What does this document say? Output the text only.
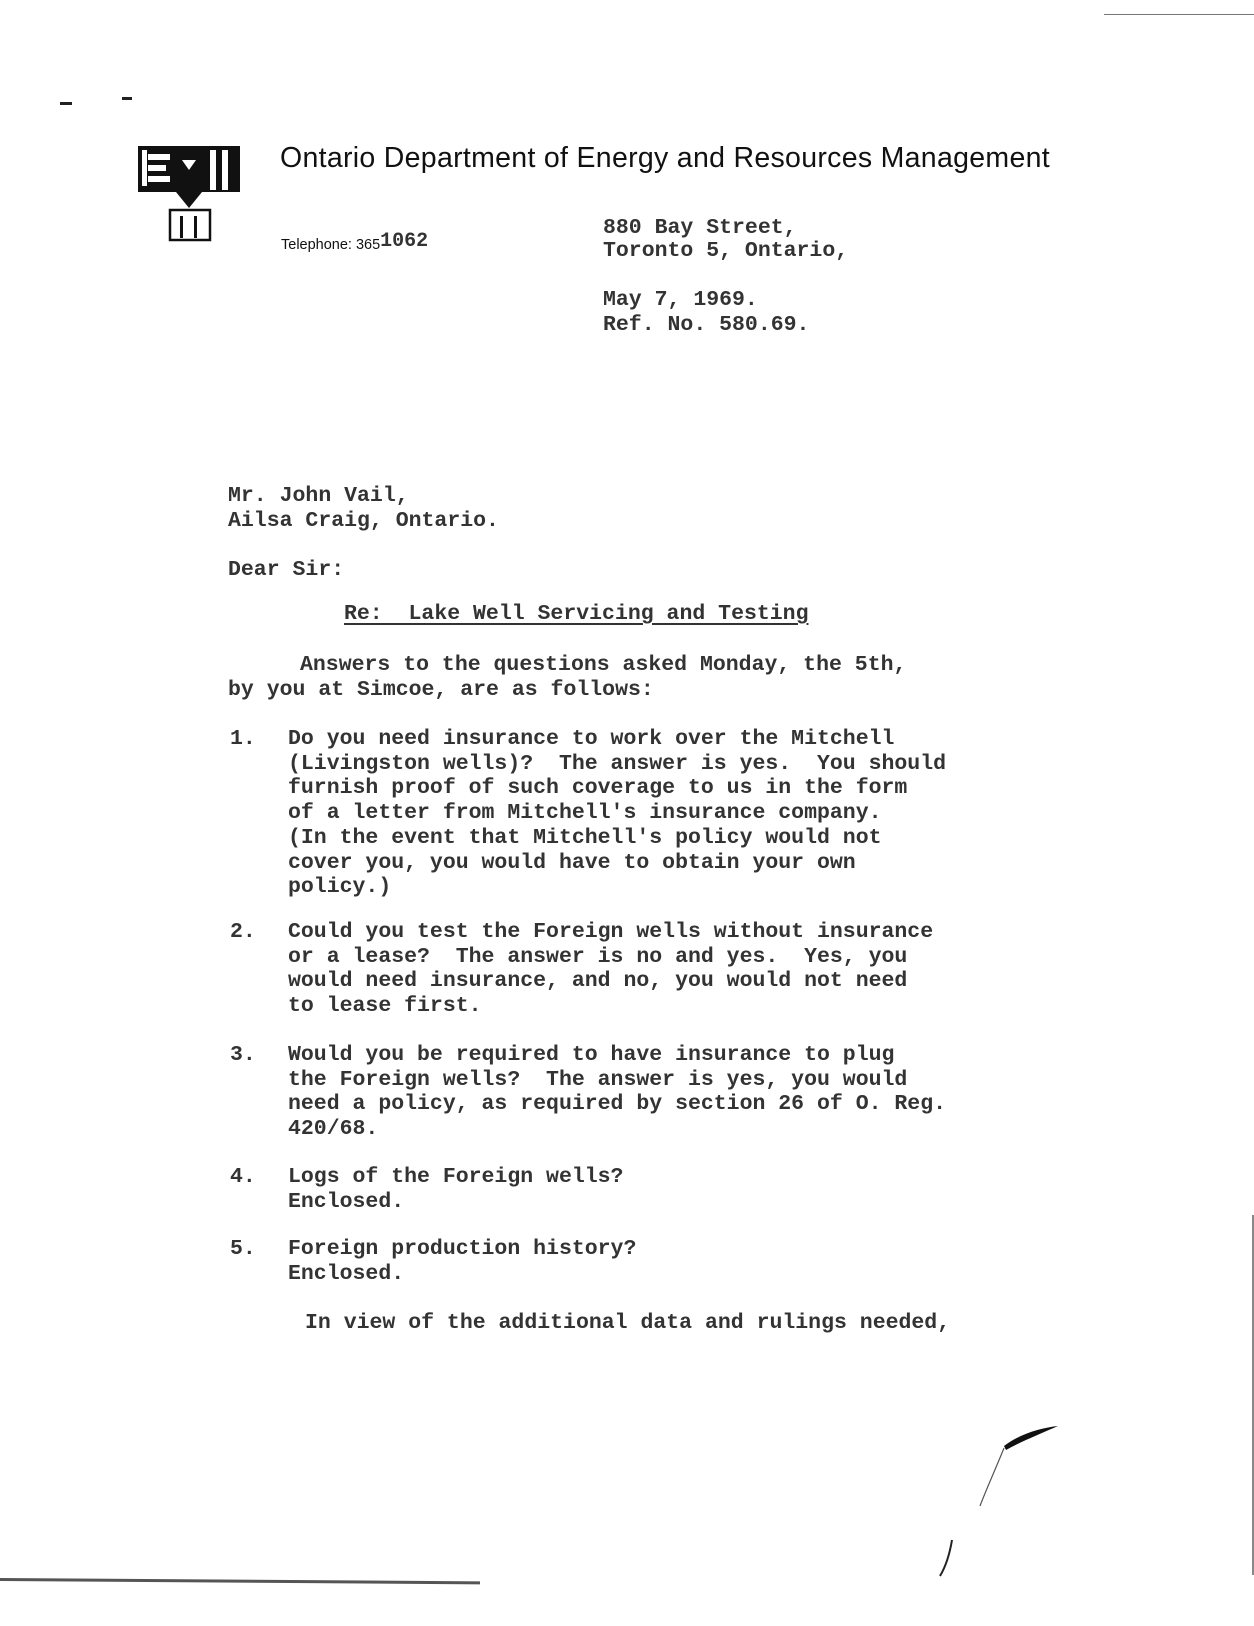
Ontario Department of Energy and Resources Management
Telephone: 3651062
880 Bay Street,
Toronto 5, Ontario,
May 7, 1969.
Ref. No. 580.69.
Mr. John Vail,
Ailsa Craig, Ontario.
Dear Sir:
Re:  Lake Well Servicing and Testing
Answers to the questions asked Monday, the 5th,
by you at Simcoe, are as follows:
1. Do you need insurance to work over the Mitchell
(Livingston wells)?  The answer is yes.  You should
furnish proof of such coverage to us in the form
of a letter from Mitchell's insurance company.
(In the event that Mitchell's policy would not
cover you, you would have to obtain your own
policy.)
2. Could you test the Foreign wells without insurance
or a lease?  The answer is no and yes.  Yes, you
would need insurance, and no, you would not need
to lease first.
3. Would you be required to have insurance to plug
the Foreign wells?  The answer is yes, you would
need a policy, as required by section 26 of O. Reg.
420/68.
4. Logs of the Foreign wells?
Enclosed.
5. Foreign production history?
Enclosed.
In view of the additional data and rulings needed,
